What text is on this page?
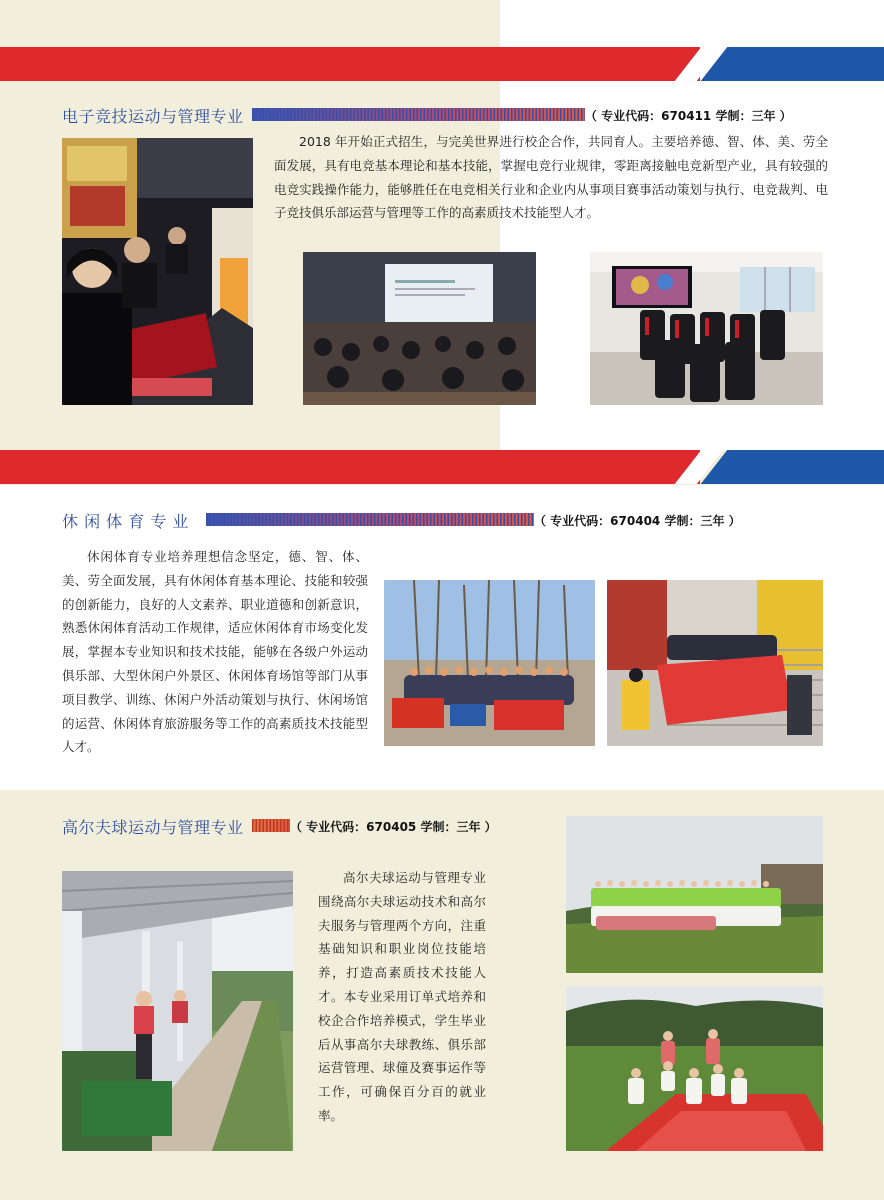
电子竞技运动与管理专业	（ 专业代码：670411 学制：三年 ）
2018 年开始正式招生，与完美世界进行校企合作，共同育人。主要培养德、智、体、美、劳全面发展，具有电竞基本理论和基本技能，掌握电竞行业规律，零距离接触电竞新型产业，具有较强的电竞实践操作能力，能够胜任在电竞相关行业和企业内从事项目赛事活动策划与执行、电竞裁判、电子竞技俱乐部运营与管理等工作的高素质技术技能型人才。
休 闲 体 育 专 业	（ 专业代码：670404 学制：三年 ）
休闲体育专业培养理想信念坚定，德、智、体、美、劳全面发展，具有休闲体育基本理论、技能和较强的创新能力，良好的人文素养、职业道德和创新意识，熟悉休闲体育活动工作规律，适应休闲体育市场变化发展，掌握本专业知识和技术技能，能够在各级户外运动俱乐部、大型休闲户外景区、休闲体育场馆等部门从事项目教学、训练、休闲户外活动策划与执行、休闲场馆的运营、休闲体育旅游服务等工作的高素质技术技能型人才。
高尔夫球运动与管理专业	（ 专业代码：670405 学制：三年 ）
高尔夫球运动与管理专业围绕高尔夫球运动技术和高尔夫服务与管理两个方向，注重基础知识和职业岗位技能培养，打造高素质技术技能人才。本专业采用订单式培养和校企合作培养模式，学生毕业后从事高尔夫球教练、俱乐部运营管理、球僮及赛事运作等工作，可确保百分百的就业率。
